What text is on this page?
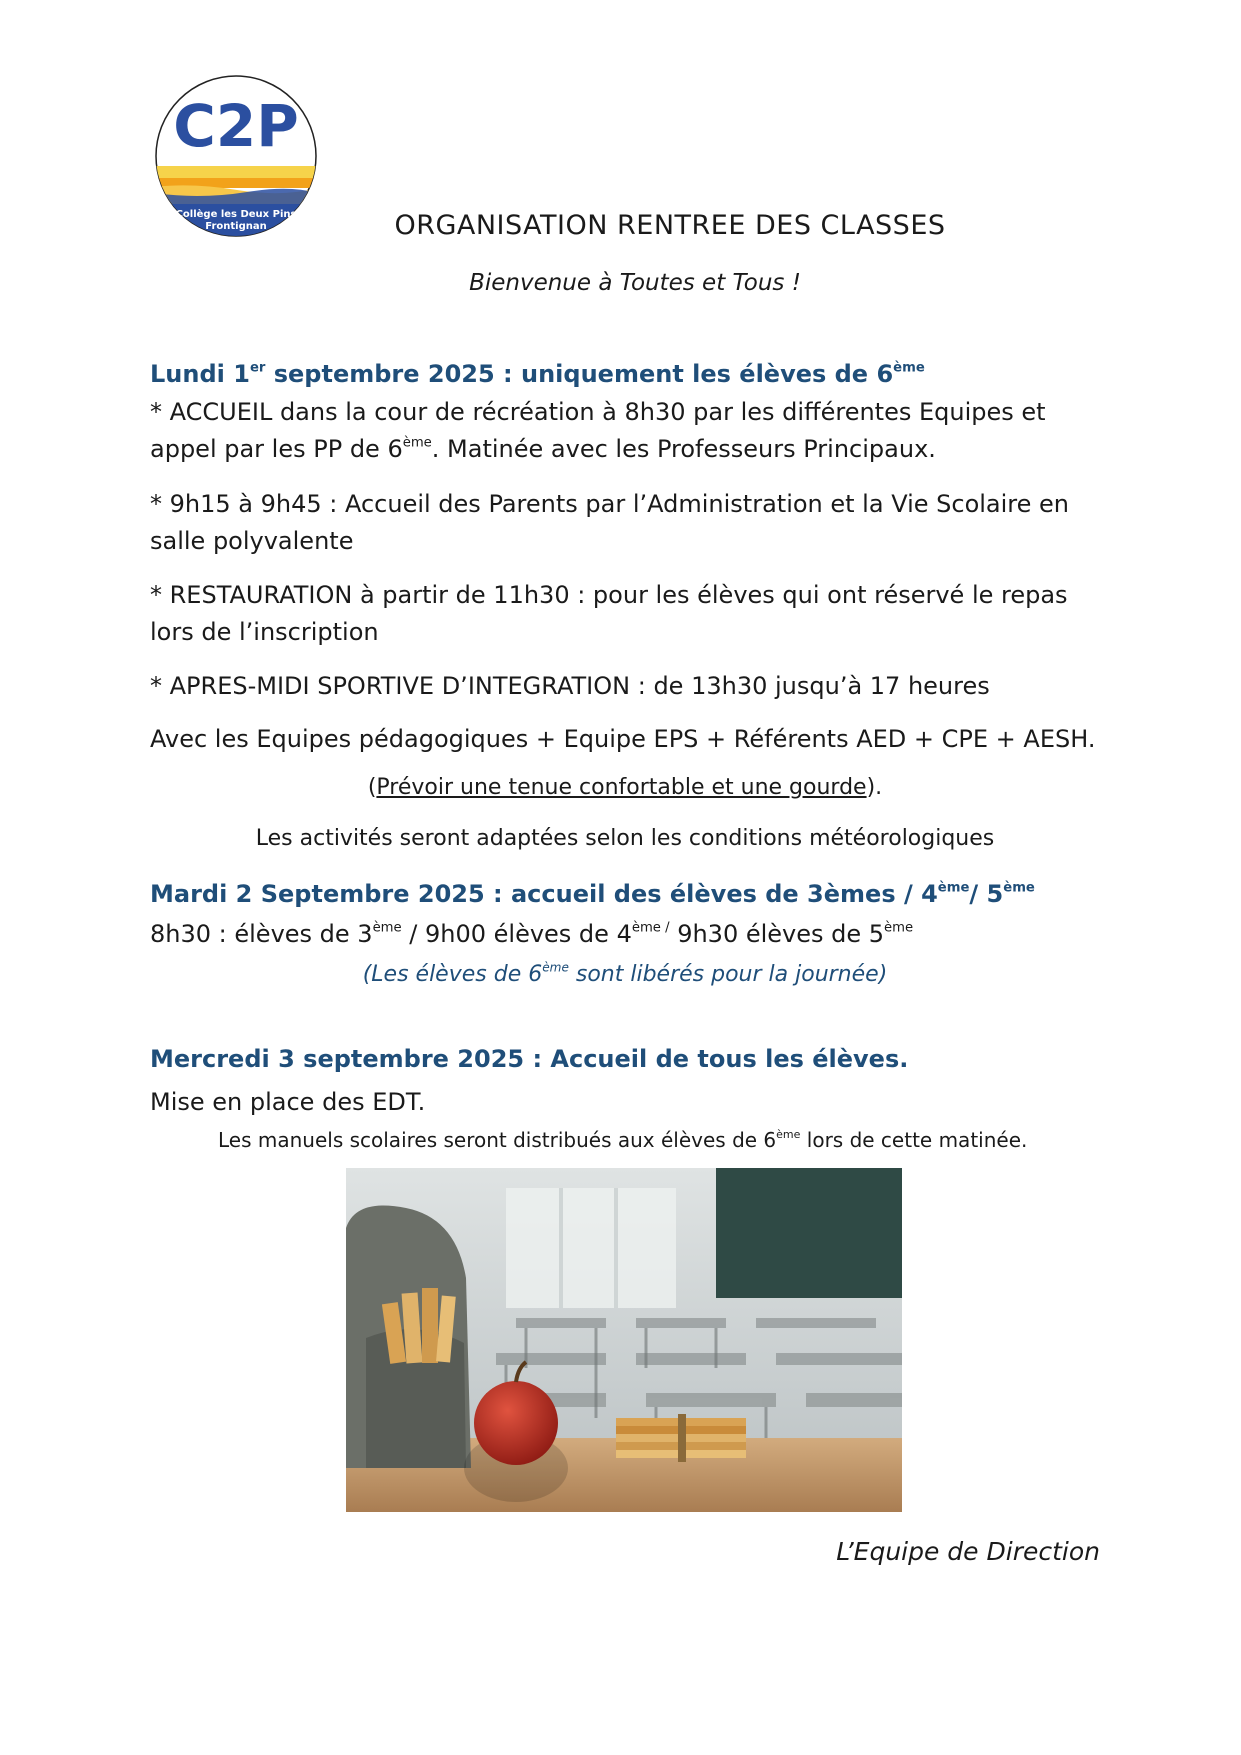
C2P
Collège les Deux Pins
Frontignan	ORGANISATION RENTREE DES CLASSES
Bienvenue à Toutes et Tous !
Lundi 1er septembre 2025 : uniquement les élèves de 6ème
* ACCUEIL dans la cour de récréation à 8h30 par les différentes Equipes et appel par les PP de 6ème. Matinée avec les Professeurs Principaux.
* 9h15 à 9h45 : Accueil des Parents par l’Administration et la Vie Scolaire en salle polyvalente
* RESTAURATION à partir de 11h30 : pour les élèves qui ont réservé le repas lors de l’inscription
* APRES-MIDI SPORTIVE D’INTEGRATION : de 13h30 jusqu’à 17 heures
Avec les Equipes pédagogiques + Equipe EPS + Référents AED + CPE + AESH.
(Prévoir une tenue confortable et une gourde).
Les activités seront adaptées selon les conditions météorologiques
Mardi 2 Septembre 2025 : accueil des élèves de 3èmes / 4ème/ 5ème
8h30 : élèves de 3ème / 9h00 élèves de $4^{ème /}$ 9h30 élèves de 5ème
(Les élèves de 6ème sont libérés pour la journée)
Mercredi 3 septembre 2025 : Accueil de tous les élèves.
Mise en place des EDT.
Les manuels scolaires seront distribués aux élèves de 6ème lors de cette matinée.
L’Equipe de Direction
